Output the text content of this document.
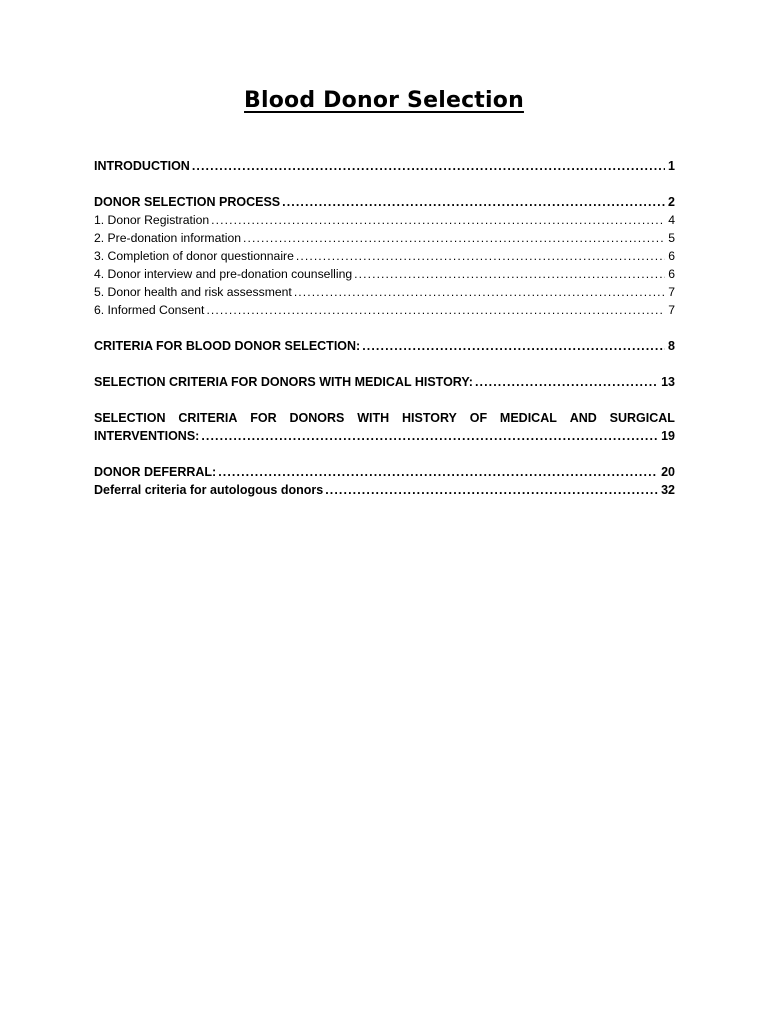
Blood Donor Selection
INTRODUCTION .....	1
DONOR SELECTION PROCESS .....	2
1. Donor Registration .....	4
2. Pre-donation information .....	5
3. Completion of donor questionnaire .....	6
4. Donor interview and pre-donation counselling .....	6
5. Donor health and risk assessment .....	7
6. Informed Consent .....	7
CRITERIA FOR BLOOD DONOR SELECTION: .....	8
SELECTION CRITERIA FOR DONORS WITH MEDICAL HISTORY: .....	13
SELECTION CRITERIA FOR DONORS WITH HISTORY OF MEDICAL AND SURGICAL
INTERVENTIONS: .....	19
DONOR DEFERRAL: .....	20
Deferral criteria for autologous donors .....	32
